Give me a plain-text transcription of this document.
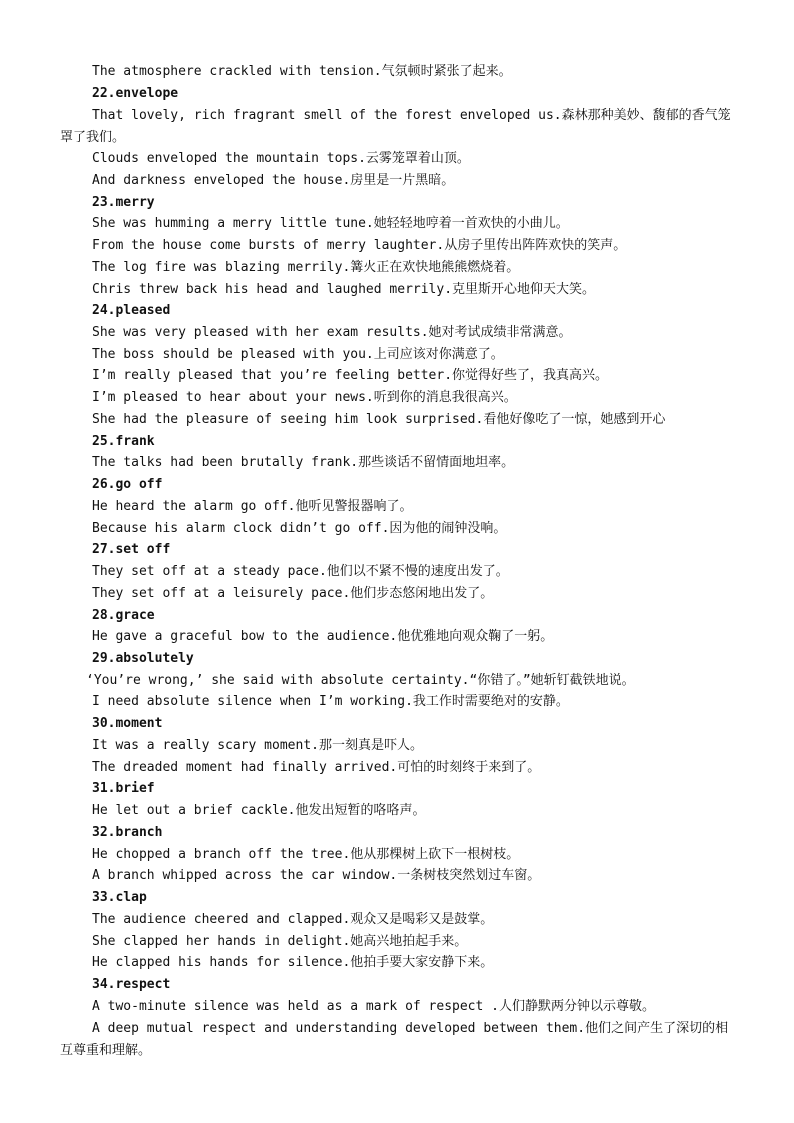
The atmosphere crackled with tension.气氛顿时紧张了起来。
22.envelope
That lovely, rich fragrant smell of the forest enveloped us.森林那种美妙、馥郁的香气笼罩了我们。
Clouds enveloped the mountain tops.云雾笼罩着山顶。
And darkness enveloped the house.房里是一片黑暗。
23.merry
She was humming a merry little tune.她轻轻地哼着一首欢快的小曲儿。
From the house come bursts of merry laughter.从房子里传出阵阵欢快的笑声。
The log fire was blazing merrily.篝火正在欢快地熊熊燃烧着。
Chris threw back his head and laughed merrily.克里斯开心地仰天大笑。
24.pleased
She was very pleased with her exam results.她对考试成绩非常满意。
The boss should be pleased with you.上司应该对你满意了。
I’m really pleased that you’re feeling better.你觉得好些了，我真高兴。
I’m pleased to hear about your news.听到你的消息我很高兴。
She had the pleasure of seeing him look surprised.看他好像吃了一惊，她感到开心
25.frank
The talks had been brutally frank.那些谈话不留情面地坦率。
26.go off
He heard the alarm go off.他听见警报器响了。
Because his alarm clock didn’t go off.因为他的闹钟没响。
27.set off
They set off at a steady pace.他们以不紧不慢的速度出发了。
They set off at a leisurely pace.他们步态悠闲地出发了。
28.grace
He gave a graceful bow to the audience.他优雅地向观众鞠了一躬。
29.absolutely
‘You’re wrong,’ she said with absolute certainty.“你错了。”她斩钉截铁地说。
I need absolute silence when I’m working.我工作时需要绝对的安静。
30.moment
It was a really scary moment.那一刻真是吓人。
The dreaded moment had finally arrived.可怕的时刻终于来到了。
31.brief
He let out a brief cackle.他发出短暂的咯咯声。
32.branch
He chopped a branch off the tree.他从那棵树上砍下一根树枝。
A branch whipped across the car window.一条树枝突然划过车窗。
33.clap
The audience cheered and clapped.观众又是喝彩又是鼓掌。
She clapped her hands in delight.她高兴地拍起手来。
He clapped his hands for silence.他拍手要大家安静下来。
34.respect
A two-minute silence was held as a mark of respect .人们静默两分钟以示尊敬。
A deep mutual respect and understanding developed between them.他们之间产生了深切的相互尊重和理解。
